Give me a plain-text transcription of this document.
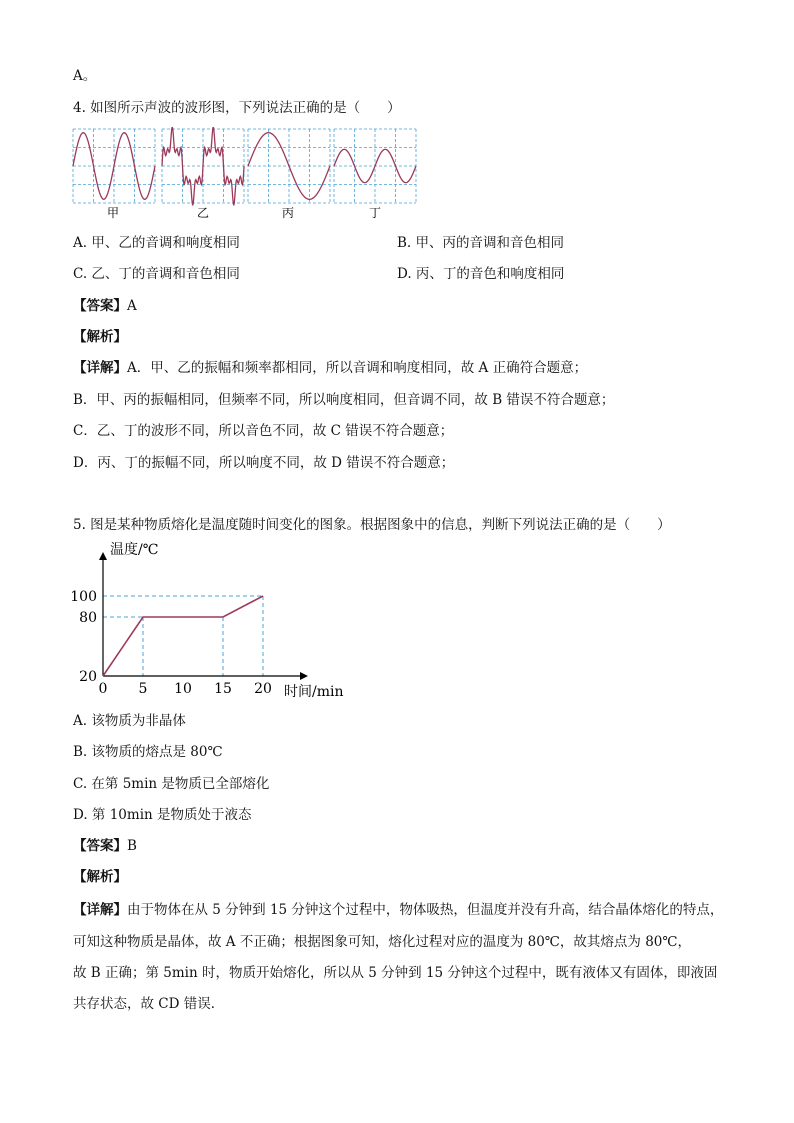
A。
4. 如图所示声波的波形图，下列说法正确的是（　　）
甲	乙	丙	丁
A. 甲、乙的音调和响度相同	B. 甲、丙的音调和音色相同
C. 乙、丁的音调和音色相同	D. 丙、丁的音色和响度相同
【答案】A
【解析】
【详解】A．甲、乙的振幅和频率都相同，所以音调和响度相同，故 A 正确符合题意；
B．甲、丙的振幅相同，但频率不同，所以响度相同，但音调不同，故 B 错误不符合题意；
C．乙、丁的波形不同，所以音色不同，故 C 错误不符合题意；
D．丙、丁的振幅不同，所以响度不同，故 D 错误不符合题意；
5. 图是某种物质熔化是温度随时间变化的图象。根据图象中的信息，判断下列说法正确的是（　　）
0 5 10 15 20
20
80
100
温度/℃
时间/min
A. 该物质为非晶体
B. 该物质的熔点是 80℃
C. 在第 5min 是物质已全部熔化
D. 第 10min 是物质处于液态
【答案】B
【解析】
【详解】由于物体在从 5 分钟到 15 分钟这个过程中，物体吸热，但温度并没有升高，结合晶体熔化的特点，
可知这种物质是晶体，故 A 不正确；根据图象可知，熔化过程对应的温度为 80℃，故其熔点为 80℃，
故 B 正确；第 5min 时，物质开始熔化，所以从 5 分钟到 15 分钟这个过程中，既有液体又有固体，即液固
共存状态，故 CD 错误．
